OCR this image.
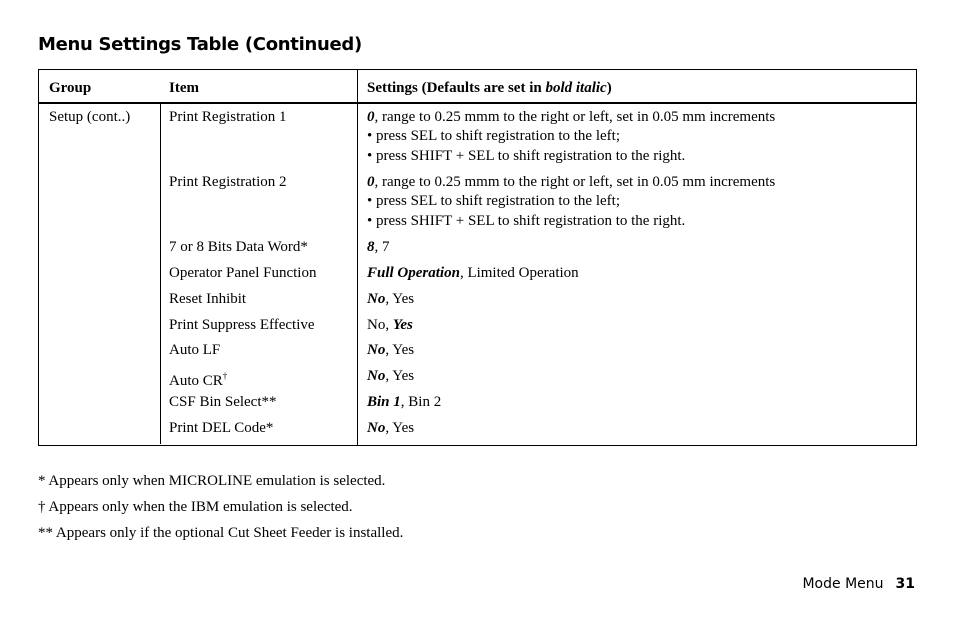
Menu Settings Table (Continued)
Group	Item	Settings (Defaults are set in bold italic)
Setup (cont..)	Print Registration 1	0, range to 0.25 mmm to the right or left, set in 0.05 mm increments
• press SEL to shift registration to the left;
• press SHIFT + SEL to shift registration to the right.
Print Registration 2	0, range to 0.25 mmm to the right or left, set in 0.05 mm increments
• press SEL to shift registration to the left;
• press SHIFT + SEL to shift registration to the right.
7 or 8 Bits Data Word*	8, 7
Operator Panel Function	Full Operation, Limited Operation
Reset Inhibit	No, Yes
Print Suppress Effective	No, Yes
Auto LF	No, Yes
Auto CR†	No, Yes
CSF Bin Select**	Bin 1, Bin 2
Print DEL Code*	No, Yes
* Appears only when MICROLINE emulation is selected.
† Appears only when the IBM emulation is selected.
** Appears only if the optional Cut Sheet Feeder is installed.
Mode Menu 31
